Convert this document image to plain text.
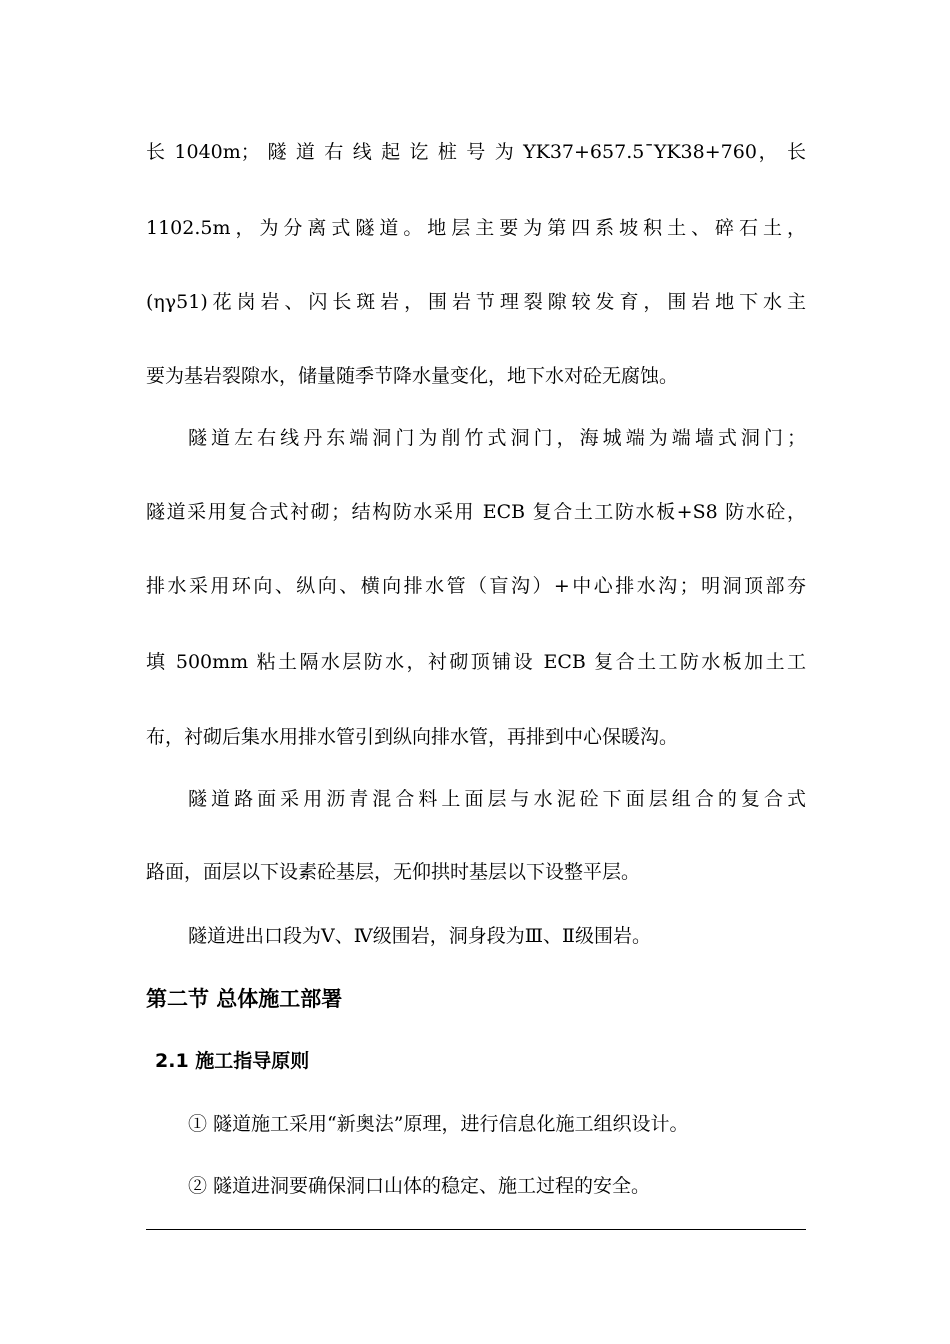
长 1040m； 隧 道 右 线 起 讫 桩 号 为 YK37+657.5¯YK38+760， 长
1102.5m，为分离式隧道。地层主要为第四系坡积土、碎石土，
(ηγ51)花岗岩、闪长斑岩，围岩节理裂隙较发育，围岩地下水主
要为基岩裂隙水，储量随季节降水量变化，地下水对砼无腐蚀。
隧道左右线丹东端洞门为削竹式洞门，海城端为端墙式洞门；
隧道采用复合式衬砌；结构防水采用 ECB 复合土工防水板+S8 防水砼，
排水采用环向、纵向、横向排水管（盲沟）+中心排水沟；明洞顶部夯
填 500mm 粘土隔水层防水，衬砌顶铺设 ECB 复合土工防水板加土工
布，衬砌后集水用排水管引到纵向排水管，再排到中心保暖沟。
隧道路面采用沥青混合料上面层与水泥砼下面层组合的复合式
路面，面层以下设素砼基层，无仰拱时基层以下设整平层。
隧道进出口段为Ⅴ、Ⅳ级围岩，洞身段为Ⅲ、Ⅱ级围岩。
第二节 总体施工部署
2.1 施工指导原则
① 隧道施工采用“新奥法”原理，进行信息化施工组织设计。
② 隧道进洞要确保洞口山体的稳定、施工过程的安全。
